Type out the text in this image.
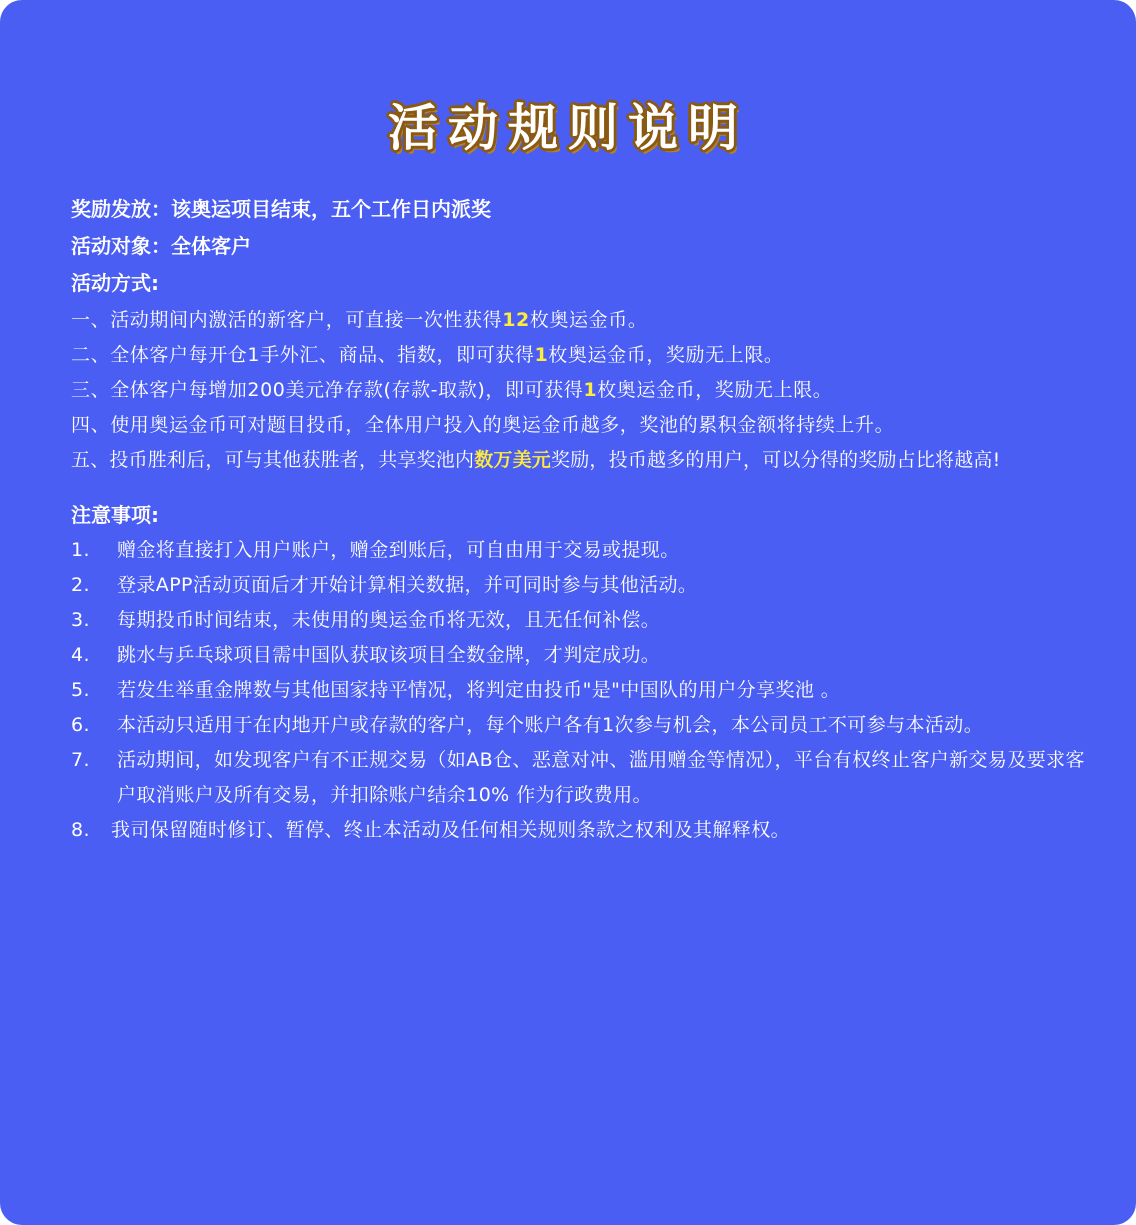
活动规则说明
奖励发放：该奥运项目结束，五个工作日内派奖
活动对象：全体客户
活动方式:
一、活动期间内激活的新客户，可直接一次性获得12枚奥运金币。
二、全体客户每开仓1手外汇、商品、指数，即可获得1枚奥运金币，奖励无上限。
三、全体客户每增加200美元净存款(存款-取款)，即可获得1枚奥运金币，奖励无上限。
四、使用奥运金币可对题目投币，全体用户投入的奥运金币越多，奖池的累积金额将持续上升。
五、投币胜利后，可与其他获胜者，共享奖池内数万美元奖励，投币越多的用户，可以分得的奖励占比将越高!
注意事项:
1.	赠金将直接打入用户账户，赠金到账后，可自由用于交易或提现。
2.	登录APP活动页面后才开始计算相关数据，并可同时参与其他活动。
3.	每期投币时间结束，未使用的奥运金币将无效，且无任何补偿。
4.	跳水与乒乓球项目需中国队获取该项目全数金牌，才判定成功。
5.	若发生举重金牌数与其他国家持平情况，将判定由投币"是"中国队的用户分享奖池 。
6.	本活动只适用于在内地开户或存款的客户，每个账户各有1次参与机会，本公司员工不可参与本活动。
7.	活动期间，如发现客户有不正规交易（如AB仓、恶意对冲、滥用赠金等情况），平台有权终止客户新交易及要求客户取消账户及所有交易，并扣除账户结余10% 作为行政费用。
8.	我司保留随时修订、暂停、终止本活动及任何相关规则条款之权利及其解释权。
